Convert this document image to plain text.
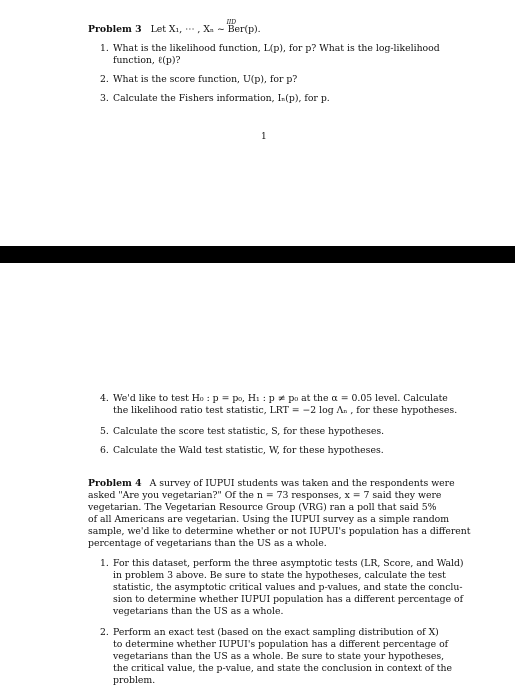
Problem 3 Let X₁, ⋯ , Xₙ ~ Ber(p).
IID
1. What is the likelihood function, L(p), for p? What is the log-likelihood
function, ℓ(p)?
2. What is the score function, U(p), for p?
3. Calculate the Fishers information, Iₙ(p), for p.
1
4. We'd like to test H₀ : p = p₀, H₁ : p ≠ p₀ at the α = 0.05 level. Calculate
the likelihood ratio test statistic, LRT = −2 log Λₙ , for these hypotheses.
5. Calculate the score test statistic, S, for these hypotheses.
6. Calculate the Wald test statistic, W, for these hypotheses.
Problem 4 A survey of IUPUI students was taken and the respondents were
asked "Are you vegetarian?" Of the n = 73 responses, x = 7 said they were
vegetarian. The Vegetarian Resource Group (VRG) ran a poll that said 5%
of all Americans are vegetarian. Using the IUPUI survey as a simple random
sample, we'd like to determine whether or not IUPUI's population has a different
percentage of vegetarians than the US as a whole.
1. For this dataset, perform the three asymptotic tests (LR, Score, and Wald)
in problem 3 above. Be sure to state the hypotheses, calculate the test
statistic, the asymptotic critical values and p-values, and state the conclu-
sion to determine whether IUPUI population has a different percentage of
vegetarians than the US as a whole.
2. Perform an exact test (based on the exact sampling distribution of X)
to determine whether IUPUI's population has a different percentage of
vegetarians than the US as a whole. Be sure to state your hypotheses,
the critical value, the p-value, and state the conclusion in context of the
problem.
